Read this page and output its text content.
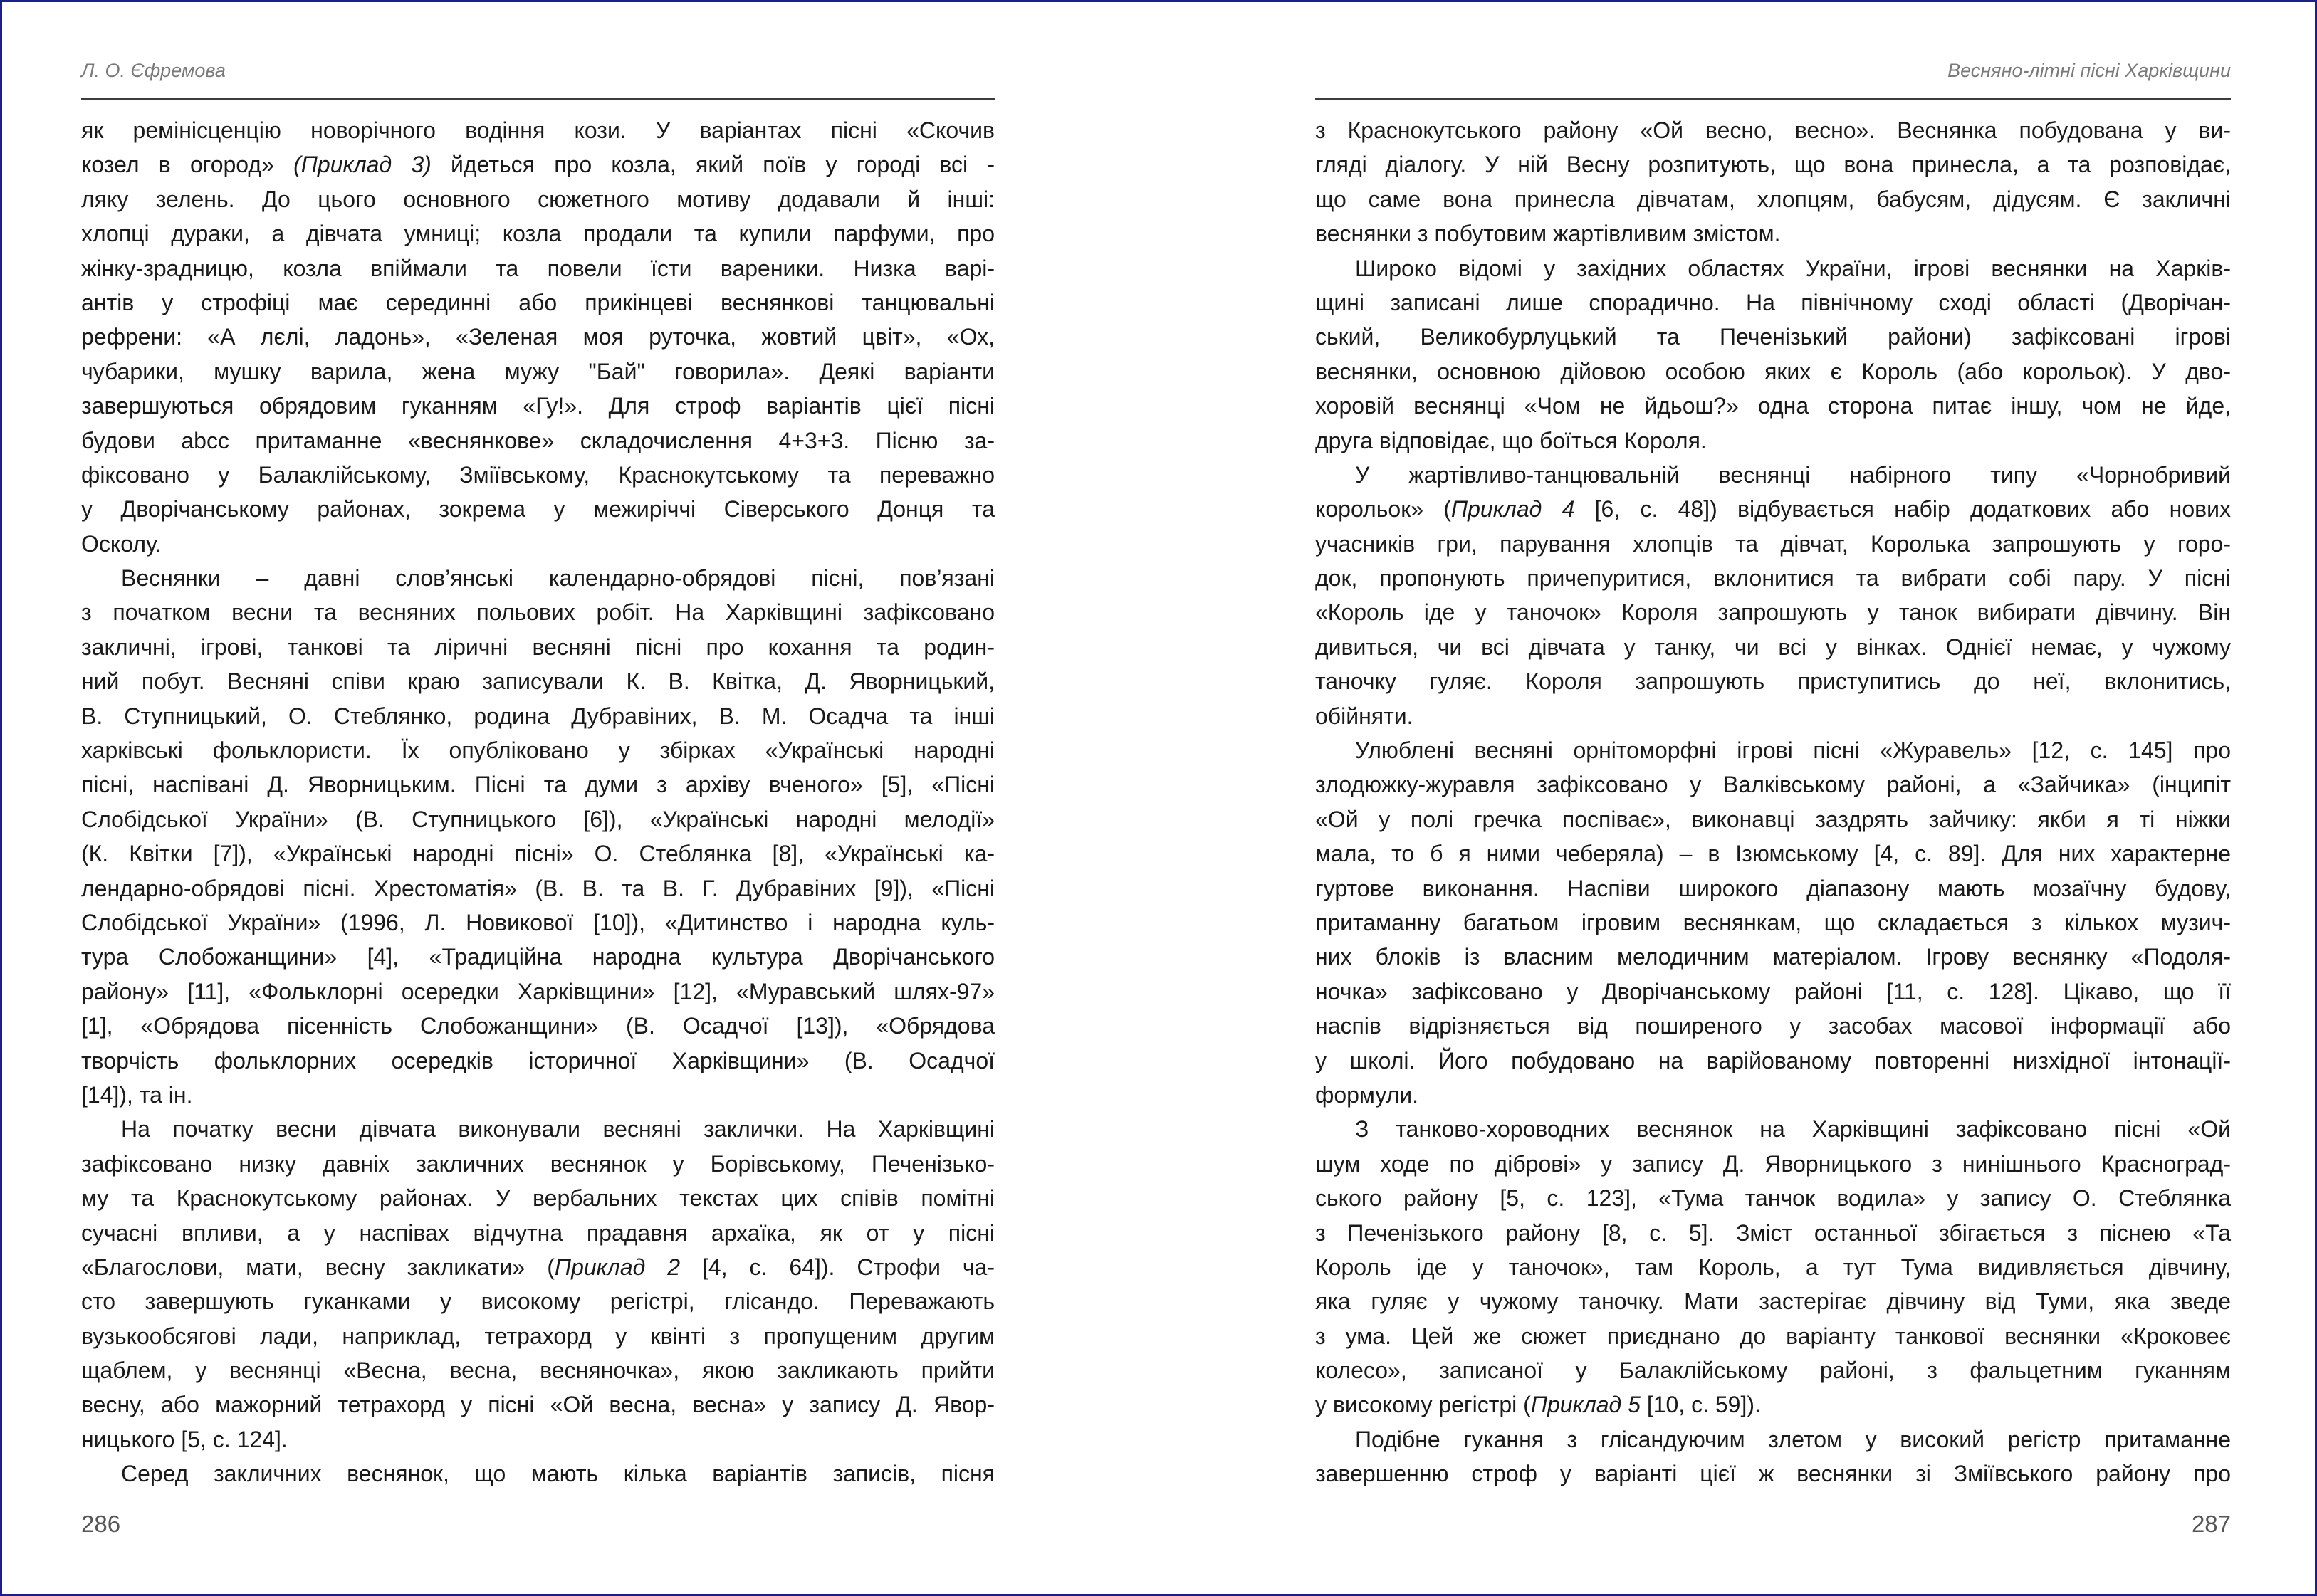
Л. О. Єфремова
як ремінісценцію новорічного водіння кози. У варіантах пісні «Скочив
козел в огород» (Приклад 3) йдеться про козла, який поїв у городі всі -
ляку зелень. До цього основного сюжетного мотиву додавали й інші:
хлопці дураки, а дівчата умниці; козла продали та купили парфуми, про
жінку-зрадницю, козла впіймали та повели їсти вареники. Низка варі-
антів у строфіці має серединні або прикінцеві веснянкові танцювальні
рефрени: «А лєлі, ладонь», «Зеленая моя руточка, жовтий цвіт», «Ох,
чубарики, мушку варила, жена мужу "Бай" говорила». Деякі варіанти
завершуються обрядовим гуканням «Гу!». Для строф варіантів цієї пісні
будови abcc притаманне «веснянкове» складочислення 4+3+3. Пісню за-
фіксовано у Балаклійському, Зміївському, Краснокутському та переважно
у Дворічанському районах, зокрема у межиріччі Сіверського Донця та
Осколу.
Веснянки – давні слов’янські календарно-обрядові пісні, пов’язані
з початком весни та весняних польових робіт. На Харківщині зафіксовано
закличні, ігрові, танкові та ліричні весняні пісні про кохання та родин-
ний побут. Весняні співи краю записували К. В. Квітка, Д. Яворницький,
В. Ступницький, О. Стеблянко, родина Дубравіних, В. М. Осадча та інші
харківські фольклористи. Їх опубліковано у збірках «Українські народні
пісні, наспівані Д. Яворницьким. Пісні та думи з архіву вченого» [5], «Пісні
Слобідської України» (В. Ступницького [6]), «Українські народні мелодії»
(К. Квітки [7]), «Українські народні пісні» О. Стеблянка [8], «Українські ка-
лендарно-обрядові пісні. Хрестоматія» (В. В. та В. Г. Дубравіних [9]), «Пісні
Слобідської України» (1996, Л. Новикової [10]), «Дитинство і народна куль-
тура Слобожанщини» [4], «Традиційна народна культура Дворічанського
району» [11], «Фольклорні осередки Харківщини» [12], «Муравський шлях-97»
[1], «Обрядова пісенність Слобожанщини» (В. Осадчої [13]), «Обрядова
творчість фольклорних осередків історичної Харківщини» (В. Осадчої
[14]), та ін.
На початку весни дівчата виконували весняні заклички. На Харківщині
зафіксовано низку давніх закличних веснянок у Борівському, Печенізько-
му та Краснокутському районах. У вербальних текстах цих співів помітні
сучасні впливи, а у наспівах відчутна прадавня архаїка, як от у пісні
«Благослови, мати, весну закликати» (Приклад 2 [4, с. 64]). Строфи ча-
сто завершують гуканками у високому регістрі, глісандо. Переважають
вузькообсягові лади, наприклад, тетрахорд у квінті з пропущеним другим
щаблем, у веснянці «Весна, весна, весняночка», якою закликають прийти
весну, або мажорний тетрахорд у пісні «Ой весна, весна» у запису Д. Явор-
ницького [5, с. 124].
Серед закличних веснянок, що мають кілька варіантів записів, пісня
286
Весняно-літні пісні Харківщини
з Краснокутського району «Ой весно, весно». Веснянка побудована у ви-
гляді діалогу. У ній Весну розпитують, що вона принесла, а та розповідає,
що саме вона принесла дівчатам, хлопцям, бабусям, дідусям. Є закличні
веснянки з побутовим жартівливим змістом.
Широко відомі у західних областях України, ігрові веснянки на Харків-
щині записані лише спорадично. На північному сході області (Дворічан-
ський, Великобурлуцький та Печенізький райони) зафіксовані ігрові
веснянки, основною дійовою особою яких є Король (або корольок). У дво-
хоровій веснянці «Чом не йдьош?» одна сторона питає іншу, чом не йде,
друга відповідає, що боїться Короля.
У жартівливо-танцювальній веснянці набірного типу «Чорнобривий
корольок» (Приклад 4 [6, с. 48]) відбувається набір додаткових або нових
учасників гри, парування хлопців та дівчат, Королька запрошують у горо-
док, пропонують причепуритися, вклонитися та вибрати собі пару. У пісні
«Король іде у таночок» Короля запрошують у танок вибирати дівчину. Він
дивиться, чи всі дівчата у танку, чи всі у вінках. Однієї немає, у чужому
таночку гуляє. Короля запрошують приступитись до неї, вклонитись,
обійняти.
Улюблені весняні орнітоморфні ігрові пісні «Журавель» [12, с. 145] про
злодюжку-журавля зафіксовано у Валківському районі, а «Зайчика» (інципіт
«Ой у полі гречка поспіває», виконавці заздрять зайчику: якби я ті ніжки
мала, то б я ними чеберяла) – в Ізюмському [4, с. 89]. Для них характерне
гуртове виконання. Наспіви широкого діапазону мають мозаїчну будову,
притаманну багатьом ігровим веснянкам, що складається з кількох музич-
них блоків із власним мелодичним матеріалом. Ігрову веснянку «Подоля-
ночка» зафіксовано у Дворічанському районі [11, с. 128]. Цікаво, що її
наспів відрізняється від поширеного у засобах масової інформації або
у школі. Його побудовано на варійованому повторенні низхідної інтонації-
формули.
З танково-хороводних веснянок на Харківщині зафіксовано пісні «Ой
шум ходе по діброві» у запису Д. Яворницького з нинішнього Красноград-
ського району [5, с. 123], «Тума танчок водила» у запису О. Стеблянка
з Печенізького району [8, с. 5]. Зміст останньої збігається з піснею «Та
Король іде у таночок», там Король, а тут Тума видивляється дівчину,
яка гуляє у чужому таночку. Мати застерігає дівчину від Туми, яка зведе
з ума. Цей же сюжет приєднано до варіанту танкової веснянки «Кроковеє
колесо», записаної у Балаклійському районі, з фальцетним гуканням
у високому регістрі (Приклад 5 [10, с. 59]).
Подібне гукання з глісандуючим злетом у високий регістр притаманне
завершенню строф у варіанті цієї ж веснянки зі Зміївського району про
287
